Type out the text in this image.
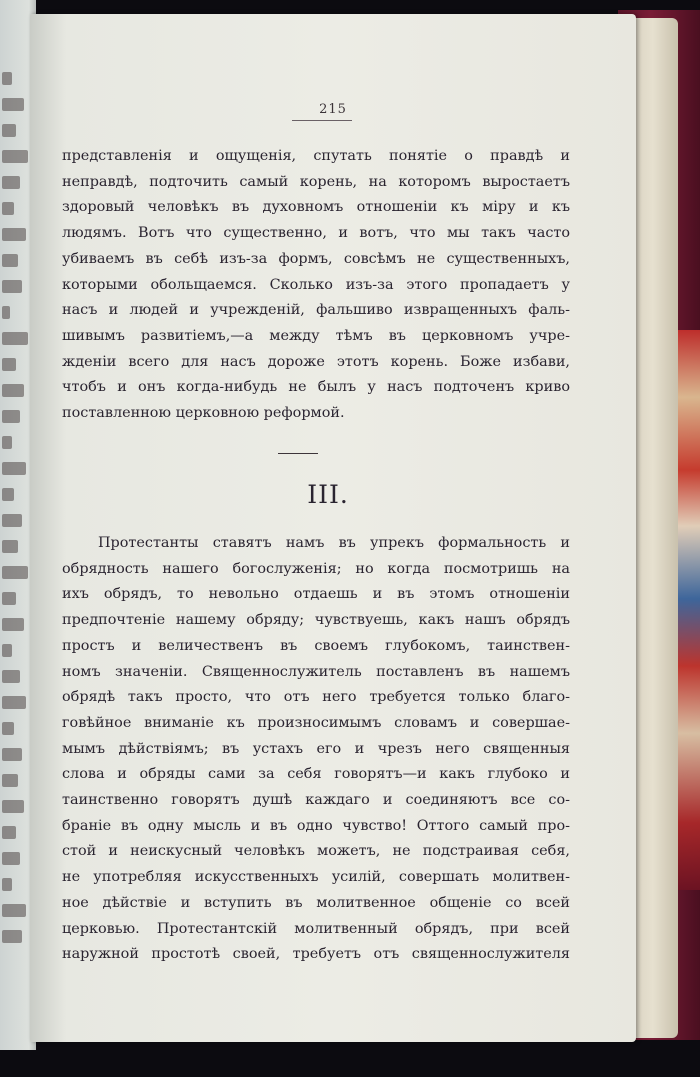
215
представленія и ощущенія, спутать понятіе о правдѣ и
неправдѣ, подточить самый корень, на которомъ выростаетъ
здоровый человѣкъ въ духовномъ отношеніи къ міру и къ
людямъ. Вотъ что существенно, и вотъ, что мы такъ часто
убиваемъ въ себѣ изъ-за формъ, совсѣмъ не существенныхъ,
которыми обольщаемся. Сколько изъ-за этого пропадаетъ у
насъ и людей и учрежденій, фальшиво извращенныхъ фаль-
шивымъ развитіемъ,—а между тѣмъ въ церковномъ учре-
жденіи всего для насъ дороже этотъ корень. Боже избави,
чтобъ и онъ когда-нибудь не былъ у насъ подточенъ криво
поставленною церковною реформой.
III.
Протестанты ставятъ намъ въ упрекъ формальность и
обрядность нашего богослуженія; но когда посмотришь на
ихъ обрядъ, то невольно отдаешь и въ этомъ отношеніи
предпочтеніе нашему обряду; чувствуешь, какъ нашъ обрядъ
простъ и величественъ въ своемъ глубокомъ, таинствен-
номъ значеніи. Священнослужитель поставленъ въ нашемъ
обрядѣ такъ просто, что отъ него требуется только благо-
говѣйное вниманіе къ произносимымъ словамъ и совершае-
мымъ дѣйствіямъ; въ устахъ его и чрезъ него священныя
слова и обряды сами за себя говорятъ—и какъ глубоко и
таинственно говорятъ душѣ каждаго и соединяютъ все со-
браніе въ одну мысль и въ одно чувство! Оттого самый про-
стой и неискусный человѣкъ можетъ, не подстраивая себя,
не употребляя искусственныхъ усилій, совершать молитвен-
ное дѣйствіе и вступить въ молитвенное общеніе со всей
церковью. Протестантскій молитвенный обрядъ, при всей
наружной простотѣ своей, требуетъ отъ священнослужителя
